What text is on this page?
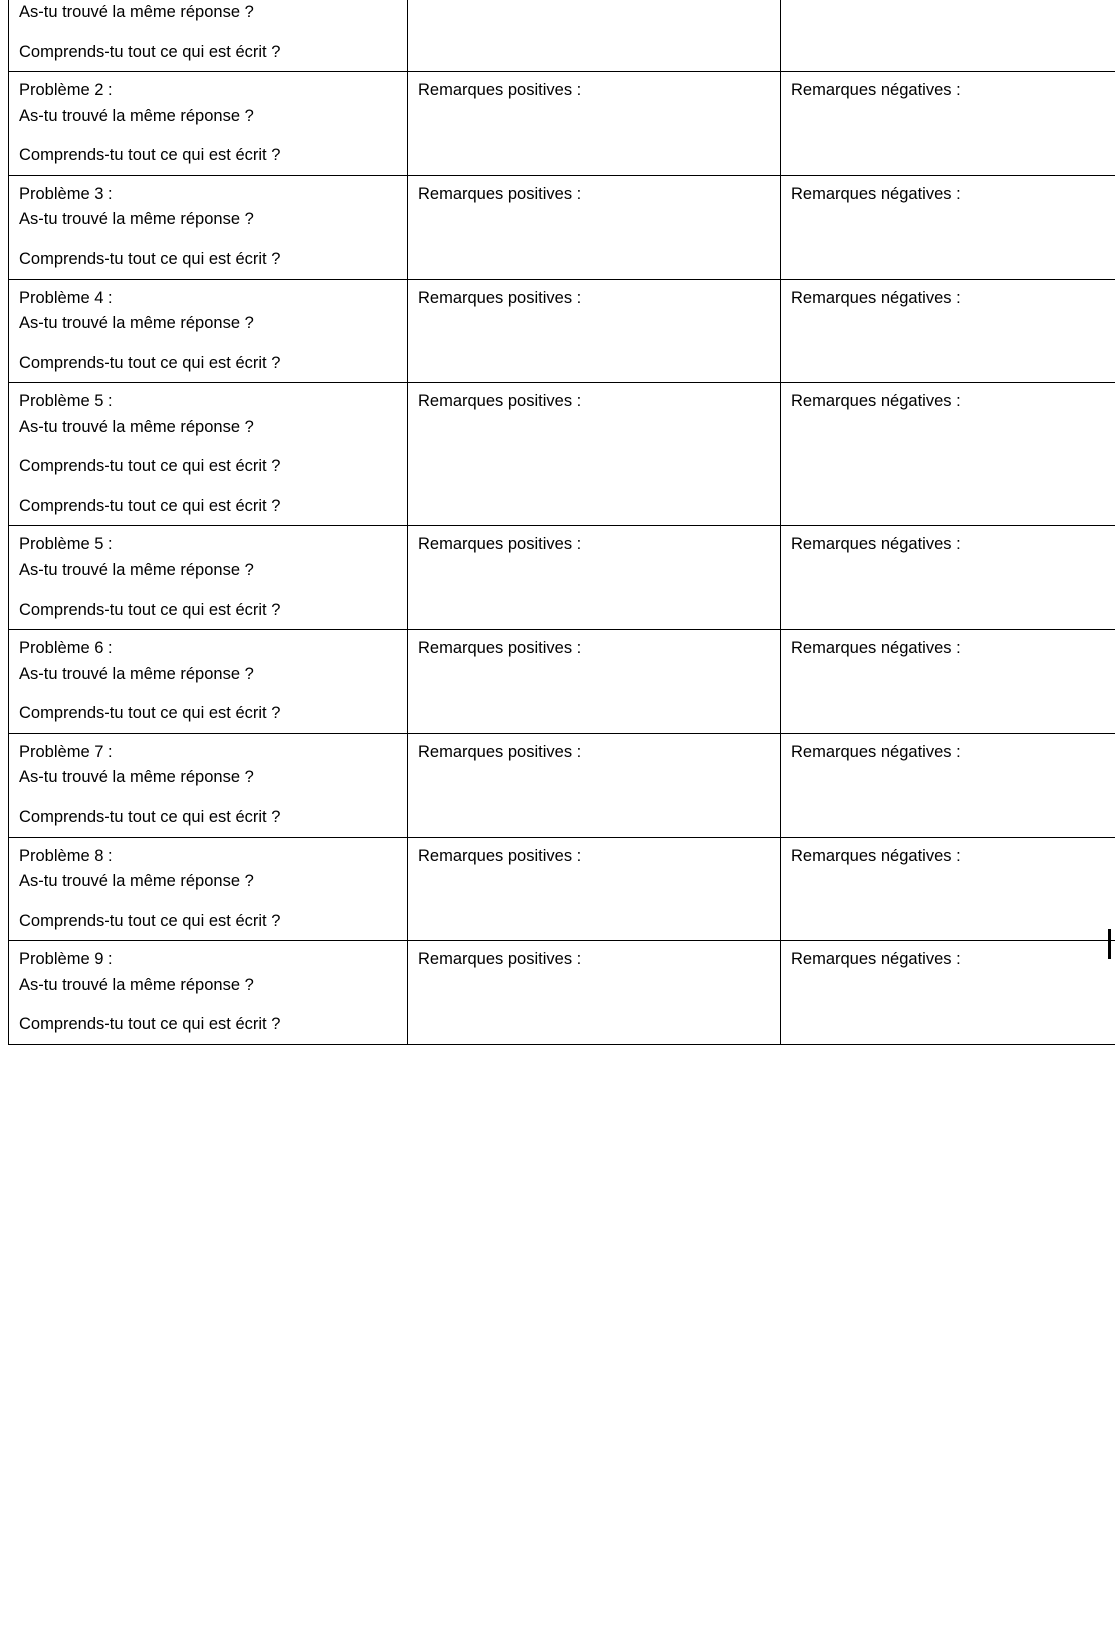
As-tu trouvé la même réponse ?
Comprends-tu tout ce qui est écrit ?		

Problème 2 :
As-tu trouvé la même réponse ?
Comprends-tu tout ce qui est écrit ?	Remarques positives :	Remarques négatives :

Problème 3 :
As-tu trouvé la même réponse ?
Comprends-tu tout ce qui est écrit ?	Remarques positives :	Remarques négatives :

Problème 4 :
As-tu trouvé la même réponse ?
Comprends-tu tout ce qui est écrit ?	Remarques positives :	Remarques négatives :

Problème 5 :
As-tu trouvé la même réponse ?
Comprends-tu tout ce qui est écrit ?
Comprends-tu tout ce qui est écrit ?	Remarques positives :	Remarques négatives :

Problème 5 :
As-tu trouvé la même réponse ?
Comprends-tu tout ce qui est écrit ?	Remarques positives :	Remarques négatives :

Problème 6 :
As-tu trouvé la même réponse ?
Comprends-tu tout ce qui est écrit ?	Remarques positives :	Remarques négatives :

Problème 7 :
As-tu trouvé la même réponse ?
Comprends-tu tout ce qui est écrit ?	Remarques positives :	Remarques négatives :

Problème 8 :
As-tu trouvé la même réponse ?
Comprends-tu tout ce qui est écrit ?	Remarques positives :	Remarques négatives :

Problème 9 :
As-tu trouvé la même réponse ?
Comprends-tu tout ce qui est écrit ?	Remarques positives :	Remarques négatives :
